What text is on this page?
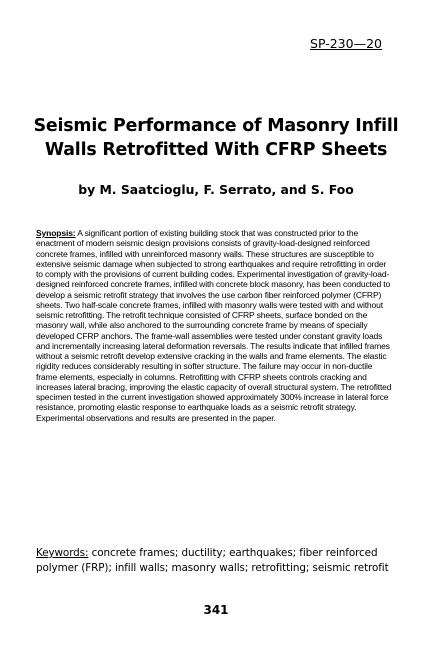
SP-230—20
Seismic Performance of Masonry Infill Walls Retrofitted With CFRP Sheets
by M. Saatcioglu, F. Serrato, and S. Foo

Synopsis: A significant portion of existing building stock that was constructed prior to the enactment of modern seismic design provisions consists of gravity-load-designed reinforced concrete frames, infilled with unreinforced masonry walls. These structures are susceptible to extensive seismic damage when subjected to strong earthquakes and require retrofitting in order to comply with the provisions of current building codes. Experimental investigation of gravity-load-designed reinforced concrete frames, infilled with concrete block masonry, has been conducted to develop a seismic retrofit strategy that involves the use carbon fiber reinforced polymer (CFRP) sheets. Two half-scale concrete frames, infilled with masonry walls were tested with and without seismic retrofitting. The retrofit technique consisted of CFRP sheets, surface bonded on the masonry wall, while also anchored to the surrounding concrete frame by means of specially developed CFRP anchors. The frame-wall assemblies were tested under constant gravity loads and incrementally increasing lateral deformation reversals. The results indicate that infilled frames without a seismic retrofit develop extensive cracking in the walls and frame elements. The elastic rigidity reduces considerably resulting in softer structure. The failure may occur in non-ductile frame elements, especially in columns. Retrofitting with CFRP sheets controls cracking and increases lateral bracing, improving the elastic capacity of overall structural system. The retrofitted specimen tested in the current investigation showed approximately 300% increase in lateral force resistance, promoting elastic response to earthquake loads as a seismic retrofit strategy. Experimental observations and results are presented in the paper.

Keywords: concrete frames; ductility; earthquakes; fiber reinforced polymer (FRP); infill walls; masonry walls; retrofitting; seismic retrofit

341
